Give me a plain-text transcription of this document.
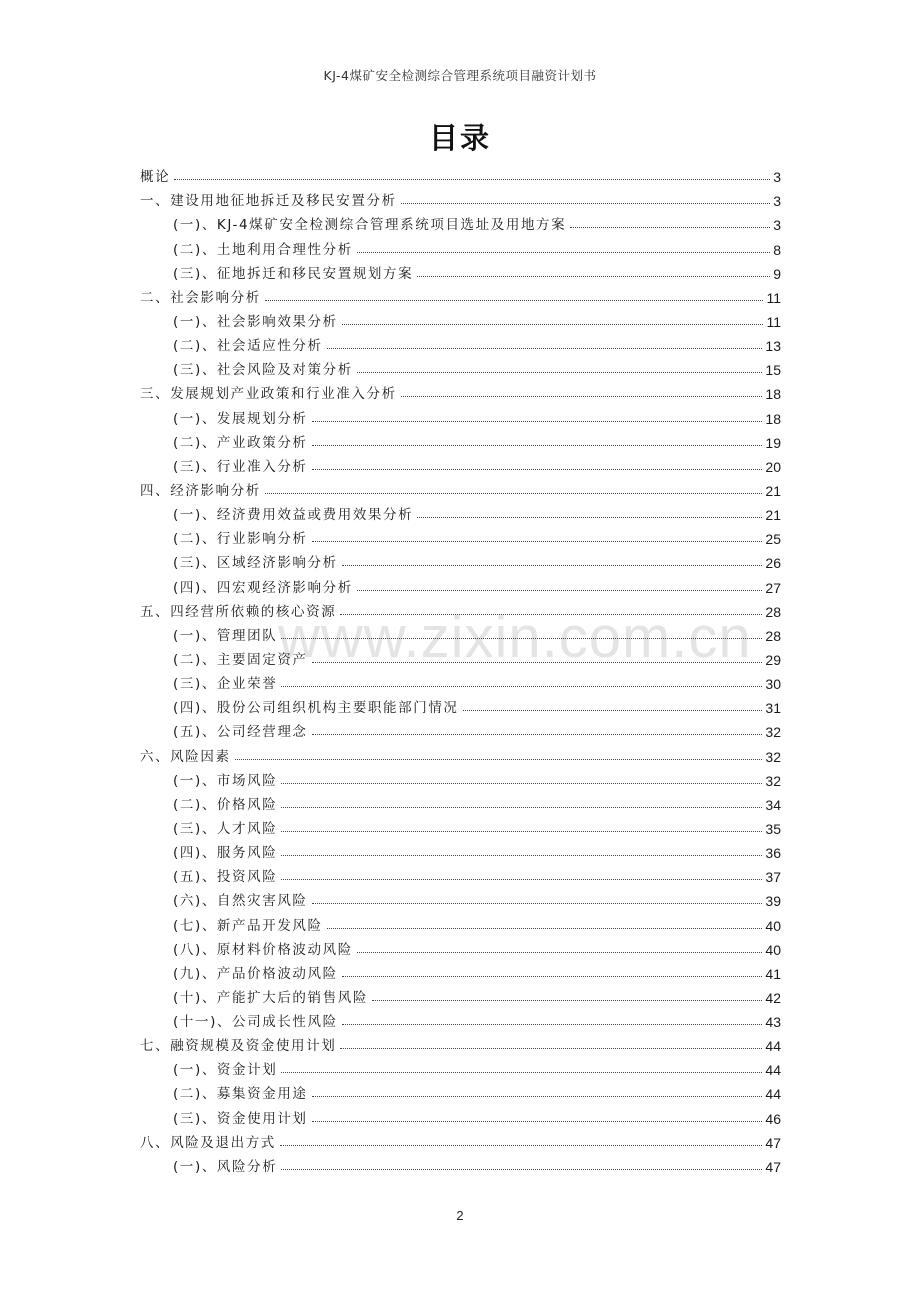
KJ-4煤矿安全检测综合管理系统项目融资计划书
目录
www.zixin.com.cn
概论	3
一、建设用地征地拆迁及移民安置分析	3
(一)、KJ-4煤矿安全检测综合管理系统项目选址及用地方案	3
(二)、土地利用合理性分析	8
(三)、征地拆迁和移民安置规划方案	9
二、社会影响分析	11
(一)、社会影响效果分析	11
(二)、社会适应性分析	13
(三)、社会风险及对策分析	15
三、发展规划产业政策和行业准入分析	18
(一)、发展规划分析	18
(二)、产业政策分析	19
(三)、行业准入分析	20
四、经济影响分析	21
(一)、经济费用效益或费用效果分析	21
(二)、行业影响分析	25
(三)、区域经济影响分析	26
(四)、四宏观经济影响分析	27
五、四经营所依赖的核心资源	28
(一)、管理团队	28
(二)、主要固定资产	29
(三)、企业荣誉	30
(四)、股份公司组织机构主要职能部门情况	31
(五)、公司经营理念	32
六、风险因素	32
(一)、市场风险	32
(二)、价格风险	34
(三)、人才风险	35
(四)、服务风险	36
(五)、投资风险	37
(六)、自然灾害风险	39
(七)、新产品开发风险	40
(八)、原材料价格波动风险	40
(九)、产品价格波动风险	41
(十)、产能扩大后的销售风险	42
(十一)、公司成长性风险	43
七、融资规模及资金使用计划	44
(一)、资金计划	44
(二)、募集资金用途	44
(三)、资金使用计划	46
八、风险及退出方式	47
(一)、风险分析	47
2
